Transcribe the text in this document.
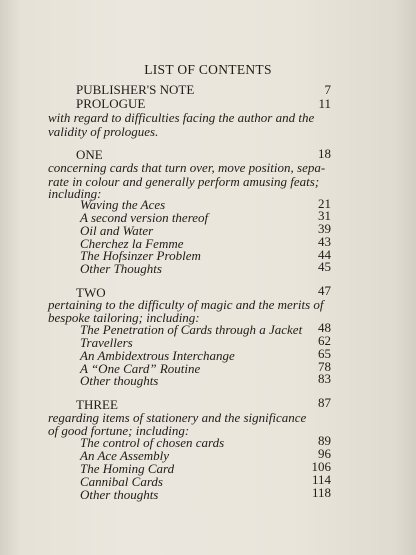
LIST OF CONTENTS
PUBLISHER'S NOTE	7
PROLOGUE	11
with regard to difficulties facing the author and the
validity of prologues.
ONE	18
concerning cards that turn over, move position, sepa-
rate in colour and generally perform amusing feats;
including:
Waving the Aces	21
A second version thereof	31
Oil and Water	39
Cherchez la Femme	43
The Hofsinzer Problem	44
Other Thoughts	45
TWO	47
pertaining to the difficulty of magic and the merits of
bespoke tailoring; including:
The Penetration of Cards through a Jacket	48
Travellers	62
An Ambidextrous Interchange	65
A “One Card” Routine	78
Other thoughts	83
THREE	87
regarding items of stationery and the significance
of good fortune; including:
The control of chosen cards	89
An Ace Assembly	96
The Homing Card	106
Cannibal Cards	114
Other thoughts	118
